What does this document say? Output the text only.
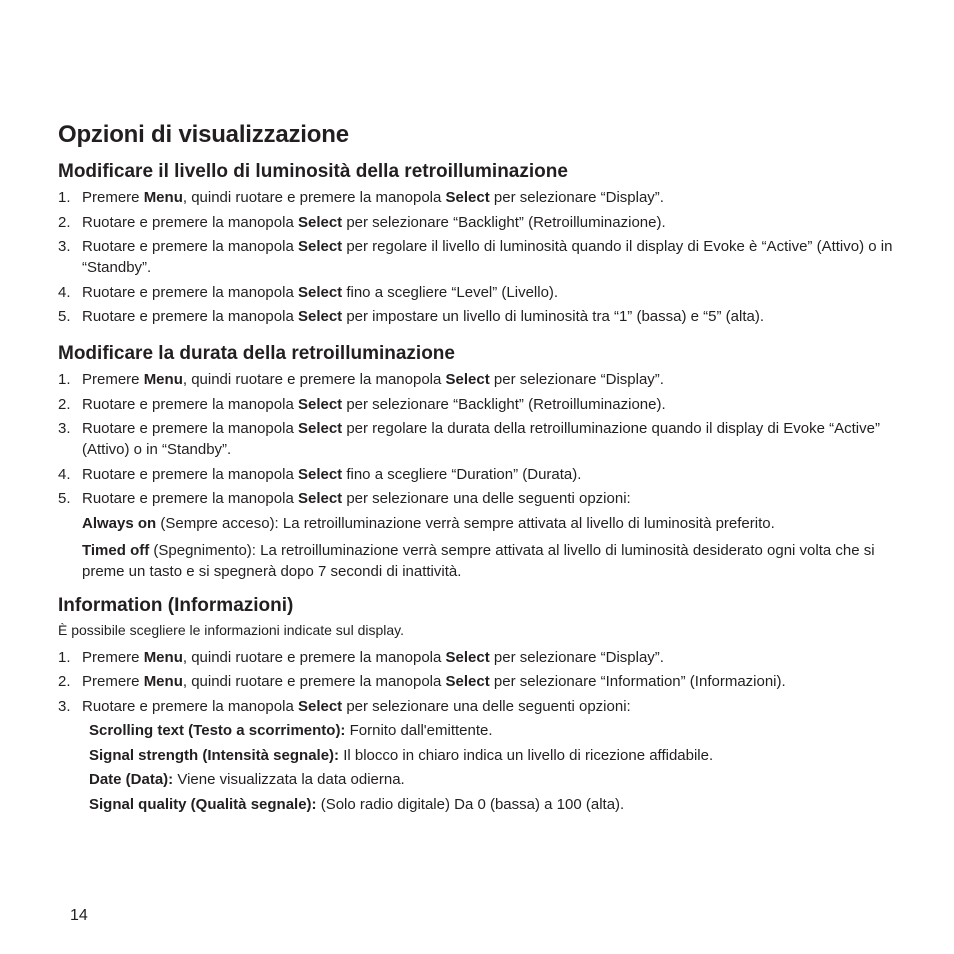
Opzioni di visualizzazione
Modificare il livello di luminosità della retroilluminazione
1. Premere Menu, quindi ruotare e premere la manopola Select per selezionare “Display”.
2. Ruotare e premere la manopola Select per selezionare “Backlight” (Retroilluminazione).
3. Ruotare e premere la manopola Select per regolare il livello di luminosità quando il display di Evoke è “Active” (Attivo) o in “Standby”.
4. Ruotare e premere la manopola Select fino a scegliere “Level” (Livello).
5. Ruotare e premere la manopola Select per impostare un livello di luminosità tra “1” (bassa) e “5” (alta).
Modificare la durata della retroilluminazione
1. Premere Menu, quindi ruotare e premere la manopola Select per selezionare “Display”.
2. Ruotare e premere la manopola Select per selezionare “Backlight” (Retroilluminazione).
3. Ruotare e premere la manopola Select per regolare la durata della retroilluminazione quando il display di Evoke “Active” (Attivo) o in “Standby”.
4. Ruotare e premere la manopola Select fino a scegliere “Duration” (Durata).
5. Ruotare e premere la manopola Select per selezionare una delle seguenti opzioni:

Always on (Sempre acceso): La retroilluminazione verrà sempre attivata al livello di luminosità preferito.

Timed off (Spegnimento): La retroilluminazione verrà sempre attivata al livello di luminosità desiderato ogni volta che si preme un tasto e si spegnerà dopo 7 secondi di inattività.

Information (Informazioni)

È possibile scegliere le informazioni indicate sul display.

1. Premere Menu, quindi ruotare e premere la manopola Select per selezionare “Display”.
2. Premere Menu, quindi ruotare e premere la manopola Select per selezionare “Information” (Informazioni).
3. Ruotare e premere la manopola Select per selezionare una delle seguenti opzioni:

Scrolling text (Testo a scorrimento): Fornito dall'emittente.

Signal strength (Intensità segnale): Il blocco in chiaro indica un livello di ricezione affidabile.

Date (Data): Viene visualizzata la data odierna.

Signal quality (Qualità segnale): (Solo radio digitale) Da 0 (bassa) a 100 (alta).

14
